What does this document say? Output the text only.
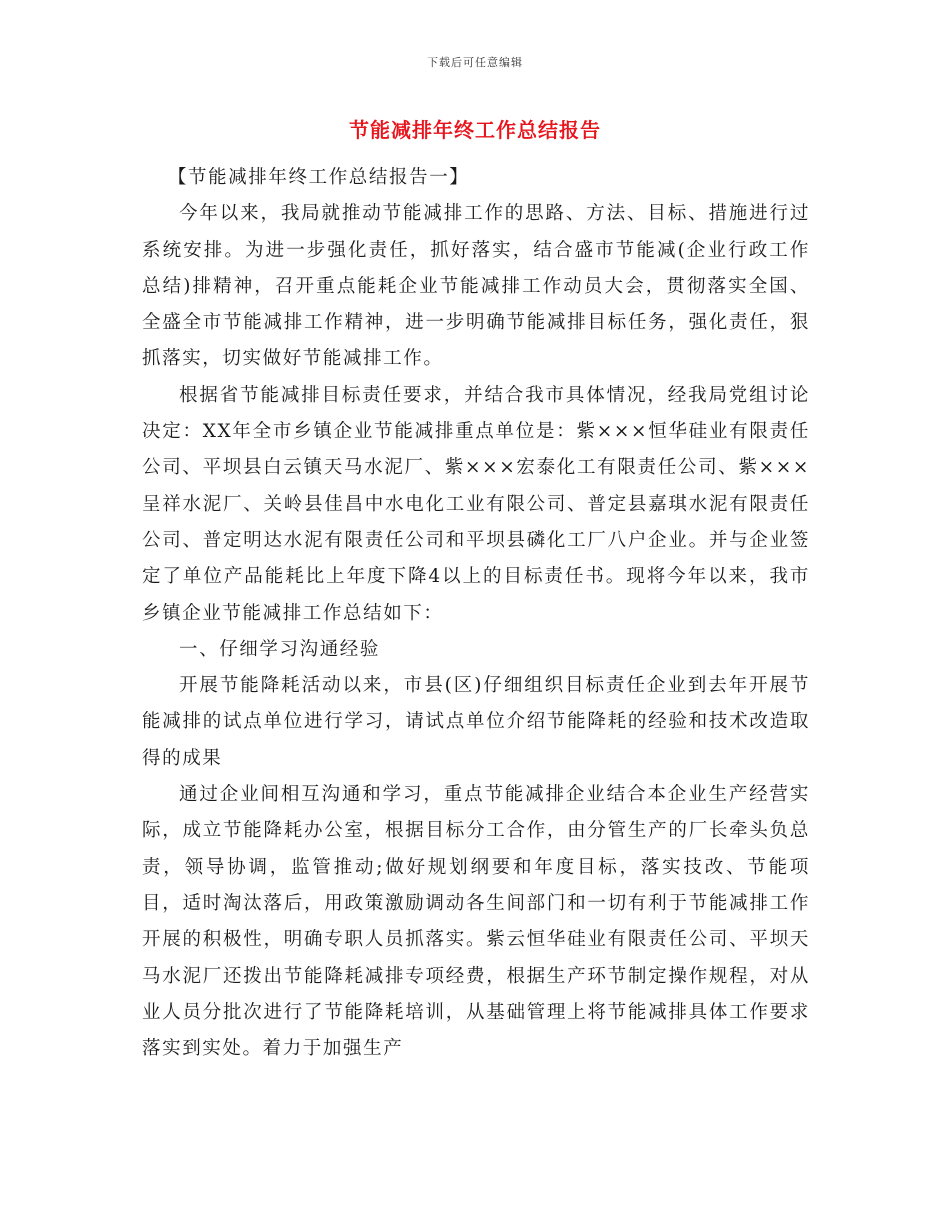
下载后可任意编辑
节能减排年终工作总结报告

【节能减排年终工作总结报告一】

今年以来，我局就推动节能减排工作的思路、方法、目标、措施进行过系统安排。为进一步强化责任，抓好落实，结合盛市节能减(企业行政工作总结)排精神，召开重点能耗企业节能减排工作动员大会，贯彻落实全国、全盛全市节能减排工作精神，进一步明确节能减排目标任务，强化责任，狠抓落实，切实做好节能减排工作。

根据省节能减排目标责任要求，并结合我市具体情况，经我局党组讨论决定：XX年全市乡镇企业节能减排重点单位是：紫×××恒华硅业有限责任公司、平坝县白云镇天马水泥厂、紫×××宏泰化工有限责任公司、紫×××呈祥水泥厂、关岭县佳昌中水电化工业有限公司、普定县嘉琪水泥有限责任公司、普定明达水泥有限责任公司和平坝县磷化工厂八户企业。并与企业签定了单位产品能耗比上年度下降4以上的目标责任书。现将今年以来，我市乡镇企业节能减排工作总结如下：

一、仔细学习沟通经验

开展节能降耗活动以来，市县(区)仔细组织目标责任企业到去年开展节能减排的试点单位进行学习，请试点单位介绍节能降耗的经验和技术改造取得的成果

通过企业间相互沟通和学习，重点节能减排企业结合本企业生产经营实际，成立节能降耗办公室，根据目标分工合作，由分管生产的厂长牵头负总责，领导协调，监管推动;做好规划纲要和年度目标，落实技改、节能项目，适时淘汰落后，用政策激励调动各生间部门和一切有利于节能减排工作开展的积极性，明确专职人员抓落实。紫云恒华硅业有限责任公司、平坝天马水泥厂还拨出节能降耗减排专项经费，根据生产环节制定操作规程，对从业人员分批次进行了节能降耗培训，从基础管理上将节能减排具体工作要求落实到实处。着力于加强生产
